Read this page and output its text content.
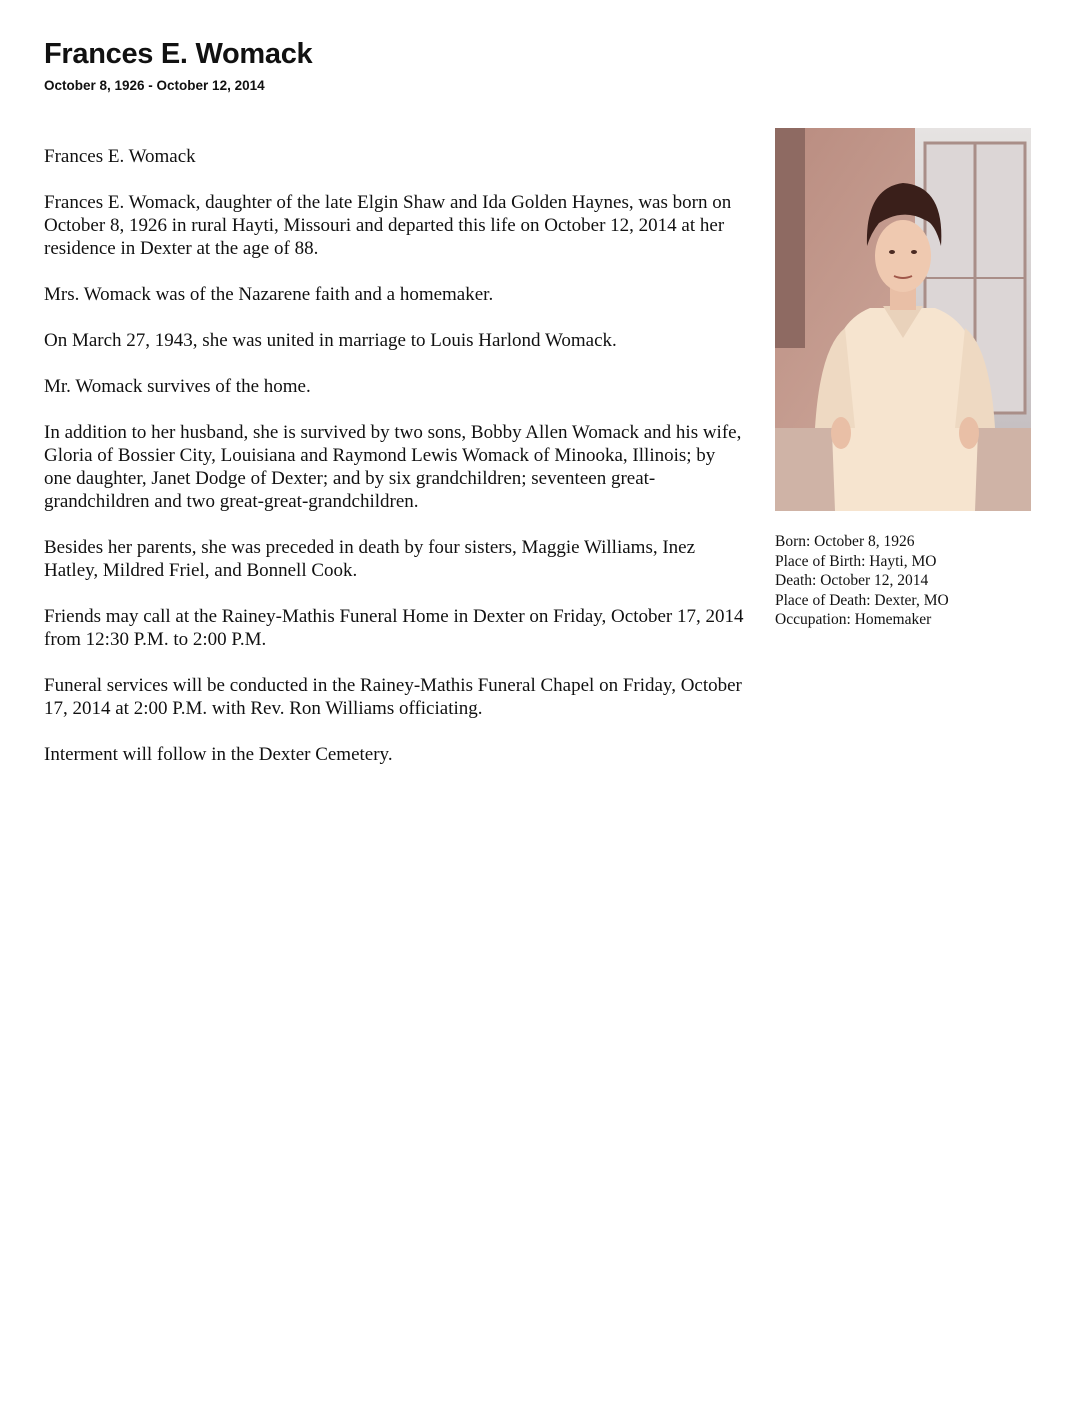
Frances E. Womack
October 8, 1926 - October 12, 2014

Frances E. Womack

Frances E. Womack, daughter of the late Elgin Shaw and Ida Golden Haynes, was born on October 8, 1926 in rural Hayti, Missouri and departed this life on October 12, 2014 at her residence in Dexter at the age of 88.

Mrs. Womack was of the Nazarene faith and a homemaker.

On March 27, 1943, she was united in marriage to Louis Harlond Womack.

Mr. Womack survives of the home.

In addition to her husband, she is survived by two sons, Bobby Allen Womack and his wife, Gloria of Bossier City, Louisiana and Raymond Lewis Womack of Minooka, Illinois; by one daughter, Janet Dodge of Dexter; and by six grandchildren; seventeen great-grandchildren and two great-great-grandchildren.

Besides her parents, she was preceded in death by four sisters, Maggie Williams, Inez Hatley, Mildred Friel, and Bonnell Cook.

Friends may call at the Rainey-Mathis Funeral Home in Dexter on Friday, October 17, 2014 from 12:30 P.M. to 2:00 P.M.

Funeral services will be conducted in the Rainey-Mathis Funeral Chapel on Friday, October 17, 2014 at 2:00 P.M. with Rev. Ron Williams officiating.

Interment will follow in the Dexter Cemetery.

Born: October 8, 1926
Place of Birth: Hayti, MO
Death: October 12, 2014
Place of Death: Dexter, MO
Occupation: Homemaker
